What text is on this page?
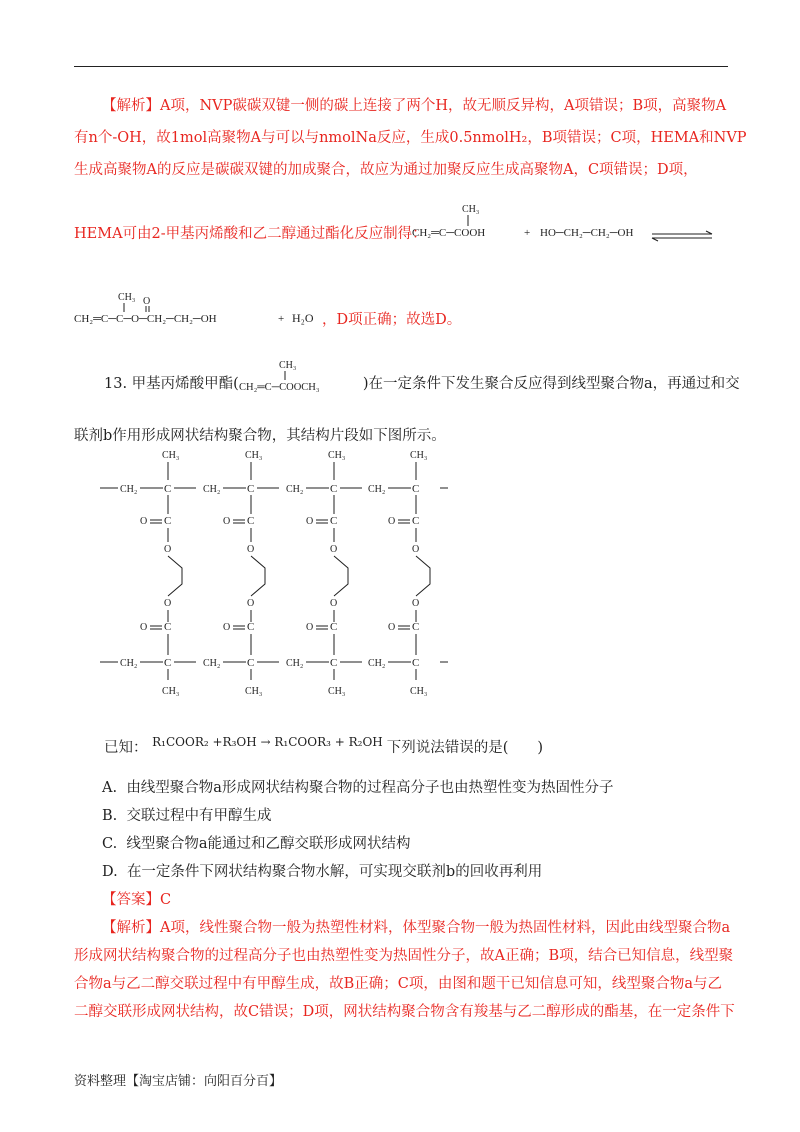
【解析】A项，NVP碳碳双键一侧的碳上连接了两个H，故无顺反异构，A项错误；B项，高聚物A
有n个-OH，故1mol高聚物A与可以与nmolNa反应，生成0.5nmolH₂，B项错误；C项，HEMA和NVP
生成高聚物A的反应是碳碳双键的加成聚合，故应为通过加聚反应生成高聚物A，C项错误；D项，
HEMA可由2-甲基丙烯酸和乙二醇通过酯化反应制得：
CH₃
CH₂═C─COOH	+ HO─CH₂─CH₂─OH
CH₃ O
CH₂═C─C─O─CH₂─CH₂─OH	+ H₂O ，D项正确；故选D。
13. 甲基丙烯酸甲酯(
CH₃
CH₂═C─COOCH₃	)在一定条件下发生聚合反应得到线型聚合物a，再通过和交
联剂b作用形成网状结构聚合物，其结构片段如下图所示。
CH₂ C
CH₃
O C
O
O
O C
CH₂ C
CH₃
CH₂ C
CH₃
O C
O
O
O C
CH₂ C
CH₃
CH₂ C
CH₃
O C
O
O
O C
CH₂ C
CH₃
CH₂ C
CH₃
O C
O
O
O C
CH₂ C
CH₃
已知： R₁COOR₂ +R₃OH → R₁COOR₃ + R₂OH 下列说法错误的是(　　)
A. 由线型聚合物a形成网状结构聚合物的过程高分子也由热塑性变为热固性分子
B. 交联过程中有甲醇生成
C. 线型聚合物a能通过和乙醇交联形成网状结构
D. 在一定条件下网状结构聚合物水解，可实现交联剂b的回收再利用
【答案】C
【解析】A项，线性聚合物一般为热塑性材料，体型聚合物一般为热固性材料，因此由线型聚合物a
形成网状结构聚合物的过程高分子也由热塑性变为热固性分子，故A正确；B项，结合已知信息，线型聚
合物a与乙二醇交联过程中有甲醇生成，故B正确；C项，由图和题干已知信息可知，线型聚合物a与乙
二醇交联形成网状结构，故C错误；D项，网状结构聚合物含有羧基与乙二醇形成的酯基，在一定条件下
资料整理【淘宝店铺：向阳百分百】
